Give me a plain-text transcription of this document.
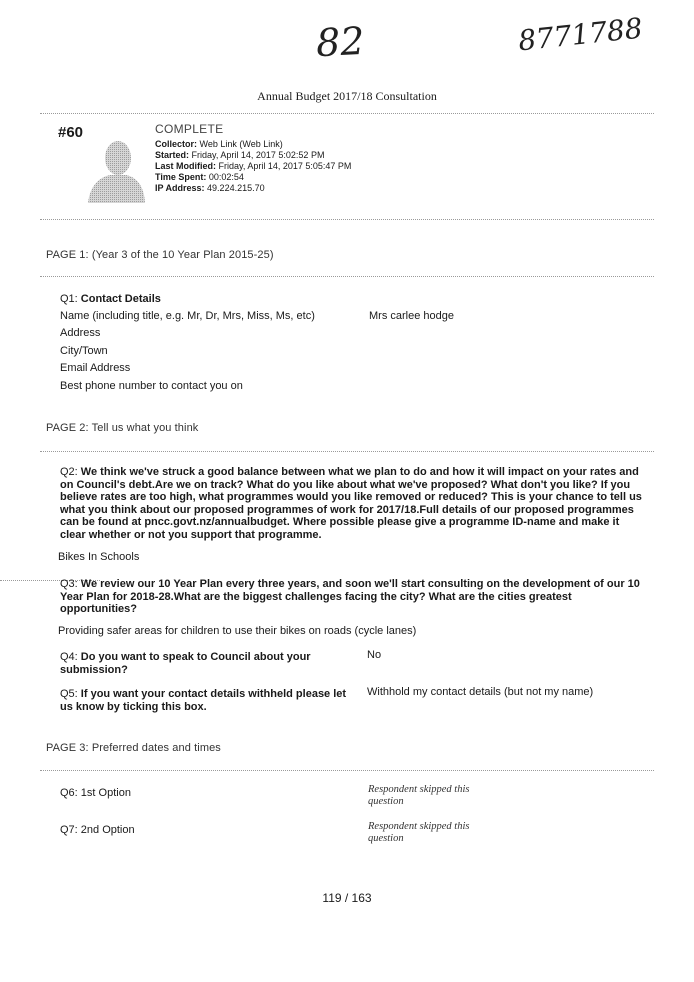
82	8771788
Annual Budget 2017/18 Consultation
#60	COMPLETE
Collector: Web Link (Web Link)
Started: Friday, April 14, 2017 5:02:52 PM
Last Modified: Friday, April 14, 2017 5:05:47 PM
Time Spent: 00:02:54
IP Address: 49.224.215.70
PAGE 1: (Year 3 of the 10 Year Plan 2015-25)
Q1: Contact Details
Name (including title, e.g. Mr, Dr, Mrs, Miss, Ms, etc)	Mrs carlee hodge
Address
City/Town
Email Address
Best phone number to contact you on
PAGE 2: Tell us what you think
Q2: We think we've struck a good balance between what we plan to do and how it will impact on your rates and on Council's debt.Are we on track? What do you like about what we've proposed? What don't you like? If you believe rates are too high, what programmes would you like removed or reduced? This is your chance to tell us what you think about our proposed programmes of work for 2017/18.Full details of our proposed programmes can be found at pncc.govt.nz/annualbudget. Where possible please give a programme ID-name and make it clear whether or not you support that programme.
Bikes In Schools
Q3: We review our 10 Year Plan every three years, and soon we'll start consulting on the development of our 10 Year Plan for 2018-28.What are the biggest challenges facing the city? What are the cities greatest opportunities?
Providing safer areas for children to use their bikes on roads (cycle lanes)
Q4: Do you want to speak to Council about your submission?
No
Q5: If you want your contact details withheld please let us know by ticking this box.
Withhold my contact details (but not my name)
PAGE 3: Preferred dates and times
Q6: 1st Option	Respondent skipped this question
Q7: 2nd Option	Respondent skipped this question
119 / 163
